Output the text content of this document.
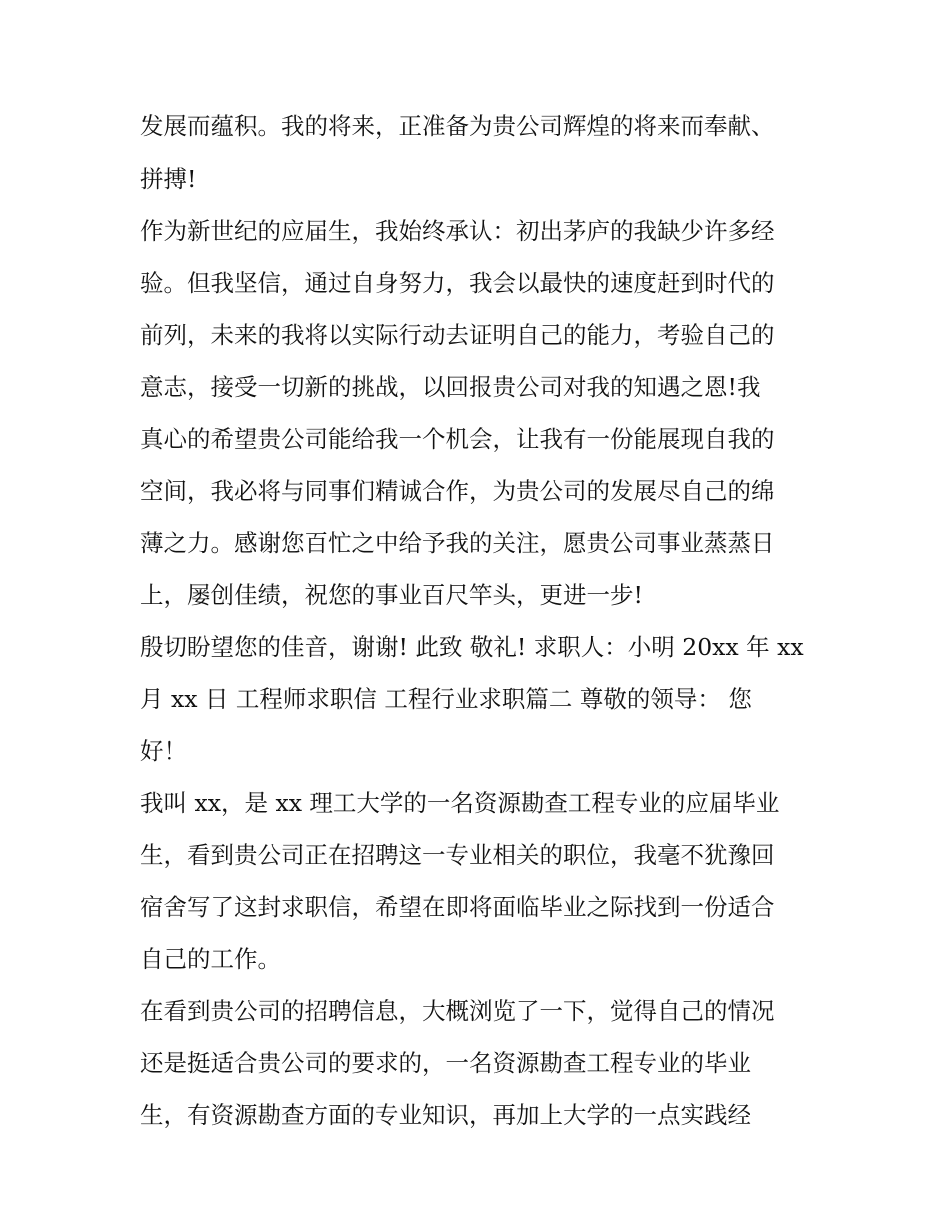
发展而蕴积。我的将来，正准备为贵公司辉煌的将来而奉献、
拼搏!
作为新世纪的应届生，我始终承认：初出茅庐的我缺少许多经
验。但我坚信，通过自身努力，我会以最快的速度赶到时代的
前列，未来的我将以实际行动去证明自己的能力，考验自己的
意志，接受一切新的挑战，以回报贵公司对我的知遇之恩!我
真心的希望贵公司能给我一个机会，让我有一份能展现自我的
空间，我必将与同事们精诚合作，为贵公司的发展尽自己的绵
薄之力。感谢您百忙之中给予我的关注，愿贵公司事业蒸蒸日
上，屡创佳绩，祝您的事业百尺竿头，更进一步!
殷切盼望您的佳音，谢谢! 此致 敬礼! 求职人：小明 20xx 年 xx
月 xx 日 工程师求职信 工程行业求职篇二 尊敬的领导： 您
好！
我叫 xx，是 xx 理工大学的一名资源勘查工程专业的应届毕业
生，看到贵公司正在招聘这一专业相关的职位，我毫不犹豫回
宿舍写了这封求职信，希望在即将面临毕业之际找到一份适合
自己的工作。
在看到贵公司的招聘信息，大概浏览了一下，觉得自己的情况
还是挺适合贵公司的要求的，一名资源勘查工程专业的毕业
生，有资源勘查方面的专业知识，再加上大学的一点实践经
